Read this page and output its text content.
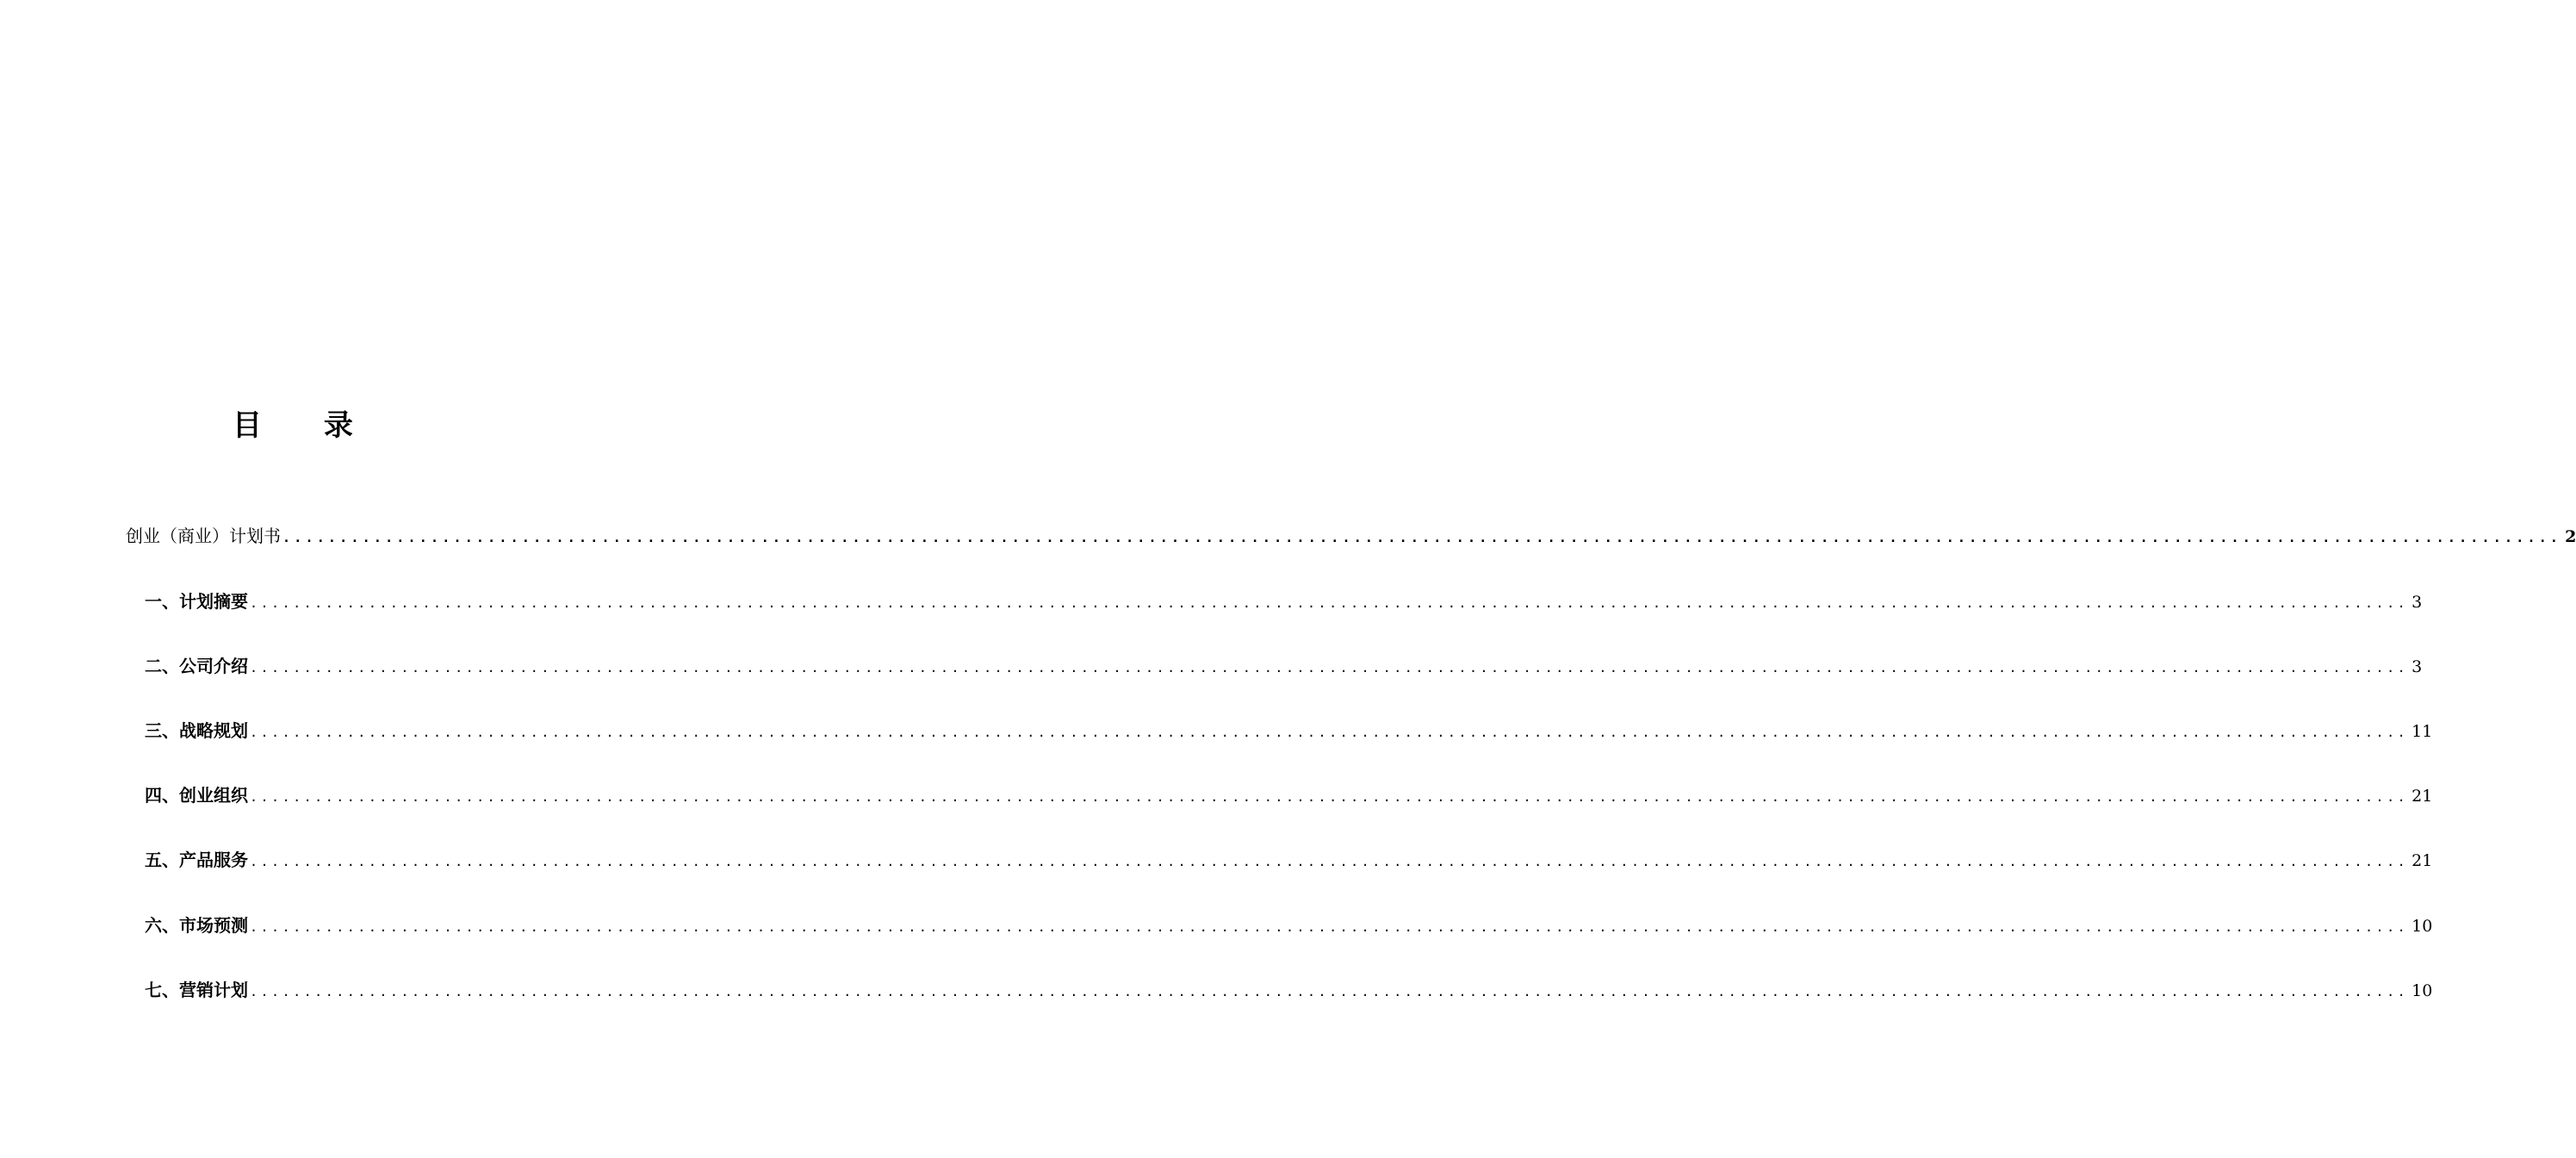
目 录
创业（商业）计划书 ........................................................................................................................................................................................................ 2
一、计划摘要 ........................................................................................................................................................................................................ 3
二、公司介绍 ........................................................................................................................................................................................................ 3
三、战略规划 ........................................................................................................................................................................................................ 11
四、创业组织 ........................................................................................................................................................................................................ 21
五、产品服务 ........................................................................................................................................................................................................ 21
六、市场预测 ........................................................................................................................................................................................................ 10
七、营销计划 ........................................................................................................................................................................................................ 10
